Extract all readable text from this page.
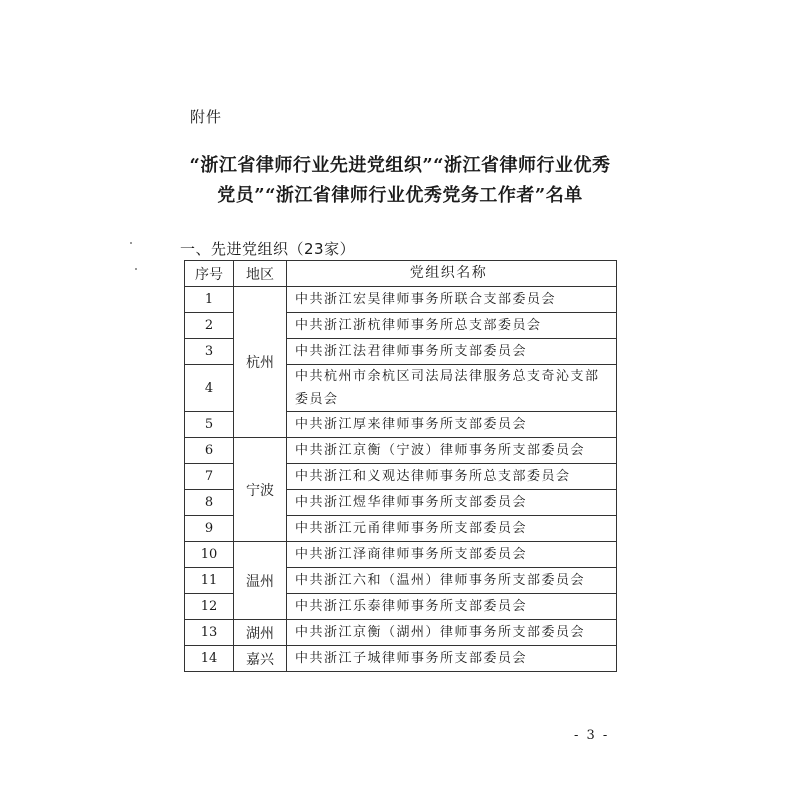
附件
“浙江省律师行业先进党组织”“浙江省律师行业优秀
党员”“浙江省律师行业优秀党务工作者”名单
一、先进党组织（23家）
序号	地区	党组织名称
1	杭州	中共浙江宏昊律师事务所联合支部委员会
2		中共浙江浙杭律师事务所总支部委员会
3		中共浙江法君律师事务所支部委员会
4		中共杭州市余杭区司法局法律服务总支奇沁支部委员会
5		中共浙江厚来律师事务所支部委员会
6	宁波	中共浙江京衡（宁波）律师事务所支部委员会
7		中共浙江和义观达律师事务所总支部委员会
8		中共浙江煜华律师事务所支部委员会
9		中共浙江元甬律师事务所支部委员会
10	温州	中共浙江泽商律师事务所支部委员会
11		中共浙江六和（温州）律师事务所支部委员会
12		中共浙江乐泰律师事务所支部委员会
13	湖州	中共浙江京衡（湖州）律师事务所支部委员会
14	嘉兴	中共浙江子城律师事务所支部委员会
- 3 -
